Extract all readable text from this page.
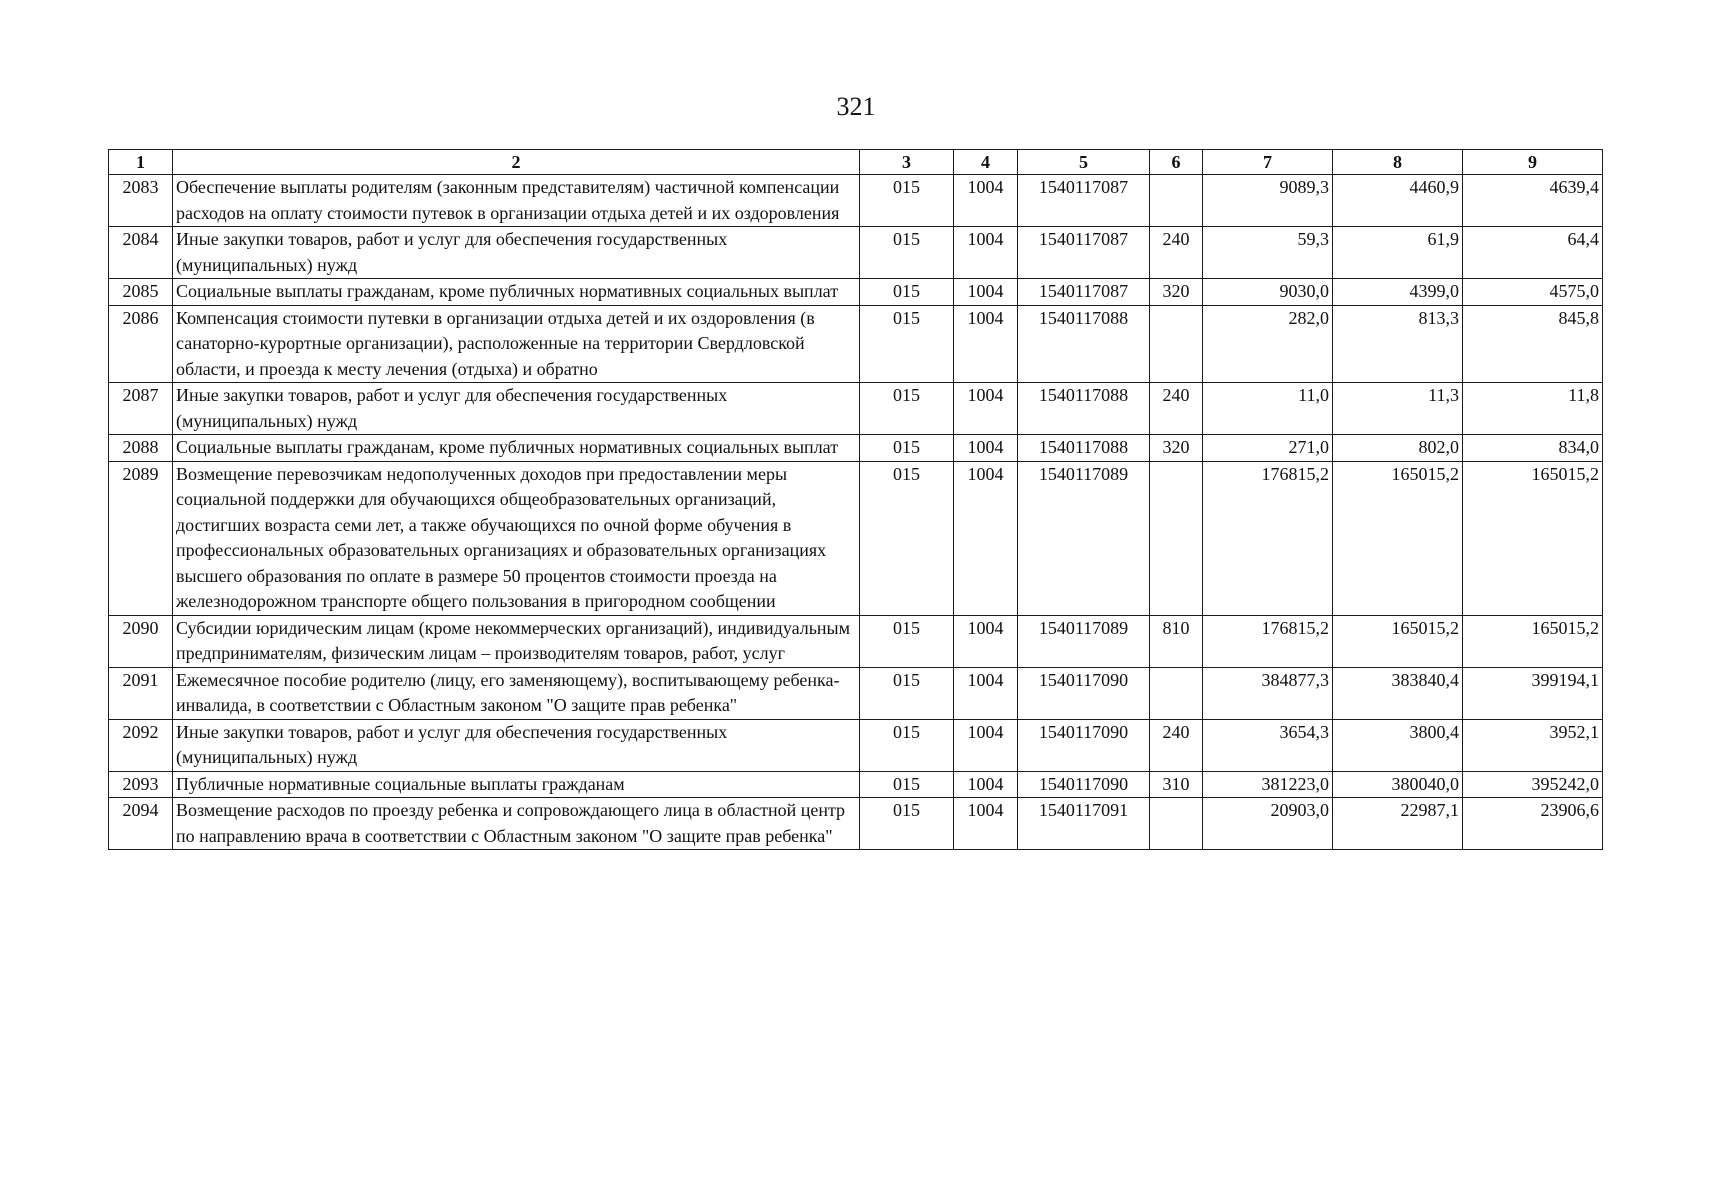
321
1	2	3	4	5	6	7	8	9
2083	Обеспечение выплаты родителям (законным представителям) частичной компенсации расходов на оплату стоимости путевок в организации отдыха детей и их оздоровления	015	1004	1540117087		9089,3	4460,9	4639,4
2084	Иные закупки товаров, работ и услуг для обеспечения государственных (муниципальных) нужд	015	1004	1540117087	240	59,3	61,9	64,4
2085	Социальные выплаты гражданам, кроме публичных нормативных социальных выплат	015	1004	1540117087	320	9030,0	4399,0	4575,0
2086	Компенсация стоимости путевки в организации отдыха детей и их оздоровления (в санаторно-курортные организации), расположенные на территории Свердловской области, и проезда к месту лечения (отдыха) и обратно	015	1004	1540117088		282,0	813,3	845,8
2087	Иные закупки товаров, работ и услуг для обеспечения государственных (муниципальных) нужд	015	1004	1540117088	240	11,0	11,3	11,8
2088	Социальные выплаты гражданам, кроме публичных нормативных социальных выплат	015	1004	1540117088	320	271,0	802,0	834,0
2089	Возмещение перевозчикам недополученных доходов при предоставлении меры социальной поддержки для обучающихся общеобразовательных организаций, достигших возраста семи лет, а также обучающихся по очной форме обучения в профессиональных образовательных организациях и образовательных организациях высшего образования по оплате в размере 50 процентов стоимости проезда на железнодорожном транспорте общего пользования в пригородном сообщении	015	1004	1540117089		176815,2	165015,2	165015,2
2090	Субсидии юридическим лицам (кроме некоммерческих организаций), индивидуальным предпринимателям, физическим лицам – производителям товаров, работ, услуг	015	1004	1540117089	810	176815,2	165015,2	165015,2
2091	Ежемесячное пособие родителю (лицу, его заменяющему), воспитывающему ребенка-инвалида, в соответствии с Областным законом "О защите прав ребенка"	015	1004	1540117090		384877,3	383840,4	399194,1
2092	Иные закупки товаров, работ и услуг для обеспечения государственных (муниципальных) нужд	015	1004	1540117090	240	3654,3	3800,4	3952,1
2093	Публичные нормативные социальные выплаты гражданам	015	1004	1540117090	310	381223,0	380040,0	395242,0
2094	Возмещение расходов по проезду ребенка и сопровождающего лица в областной центр по направлению врача в соответствии с Областным законом "О защите прав ребенка"	015	1004	1540117091		20903,0	22987,1	23906,6
